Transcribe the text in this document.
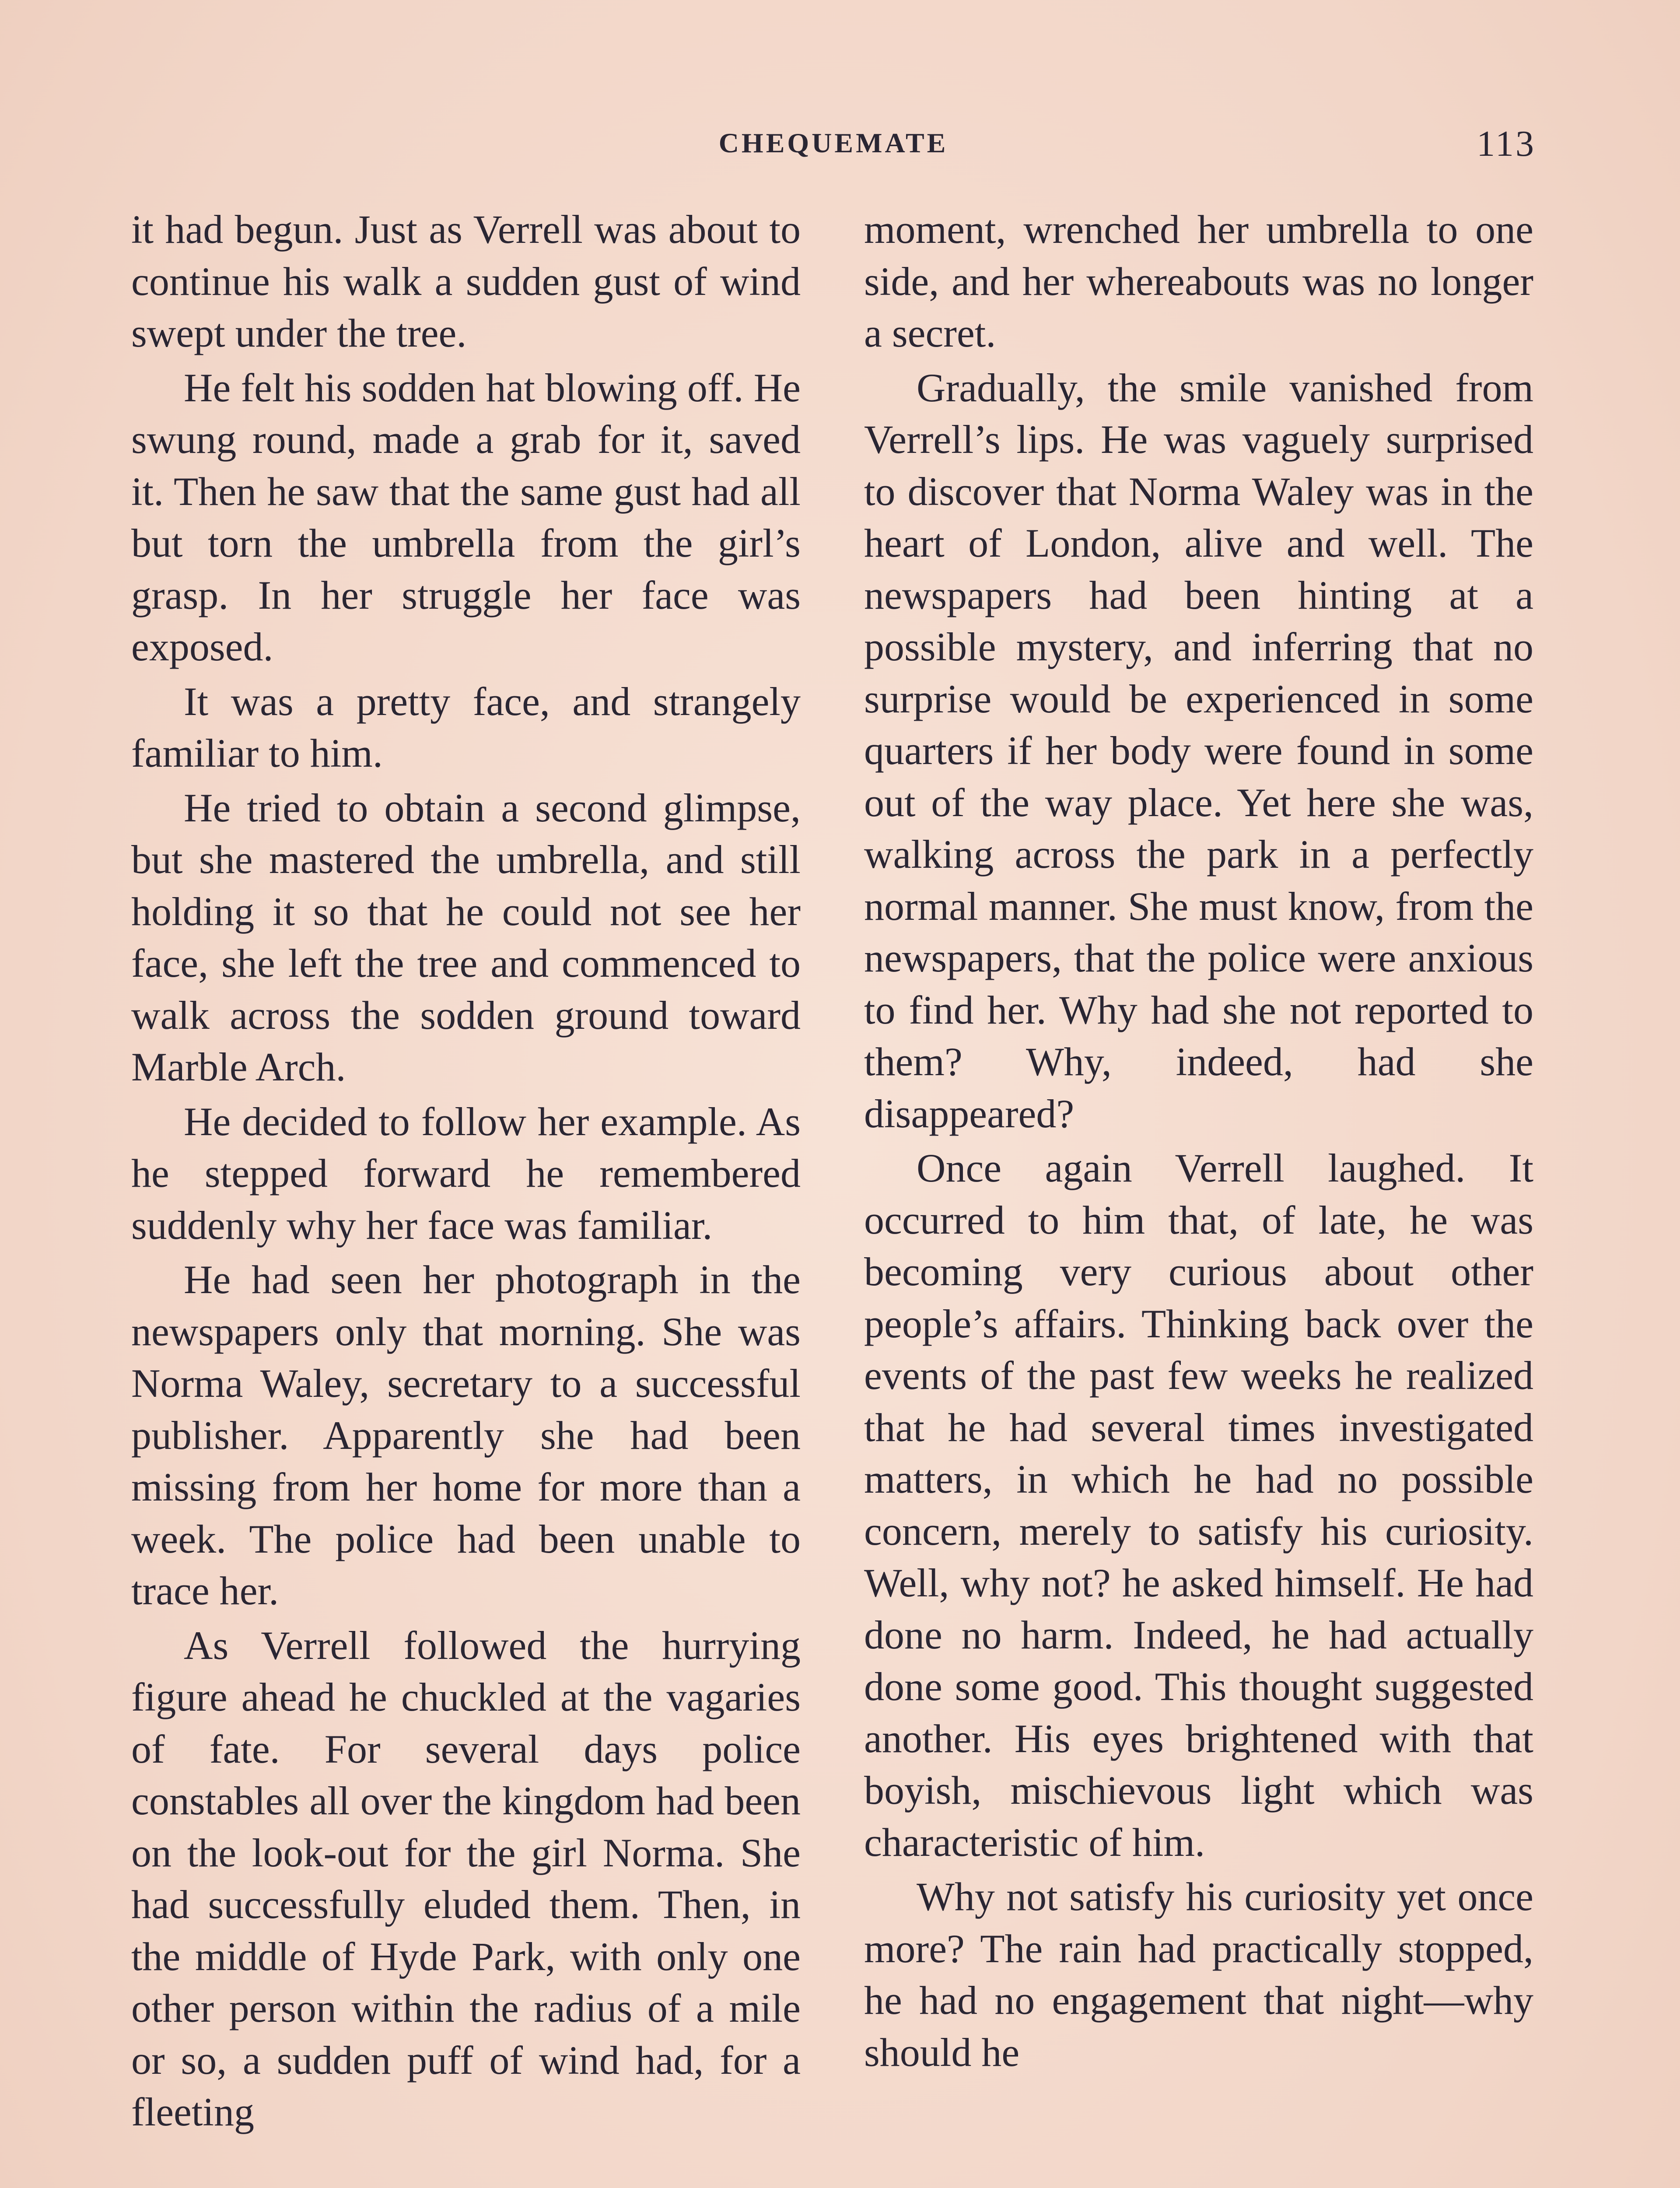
CHEQUEMATE	113

it had begun. Just as Verrell was about to continue his walk a sudden gust of wind swept under the tree.

He felt his sodden hat blowing off. He swung round, made a grab for it, saved it. Then he saw that the same gust had all but torn the umbrella from the girl’s grasp. In her struggle her face was exposed.

It was a pretty face, and strangely familiar to him.

He tried to obtain a second glimpse, but she mastered the umbrella, and still holding it so that he could not see her face, she left the tree and commenced to walk across the sodden ground toward Marble Arch.

He decided to follow her example. As he stepped forward he remembered suddenly why her face was familiar.

He had seen her photograph in the newspapers only that morning. She was Norma Waley, secretary to a successful publisher. Apparently she had been missing from her home for more than a week. The police had been unable to trace her.

As Verrell followed the hurrying figure ahead he chuckled at the vagaries of fate. For several days police constables all over the kingdom had been on the look-out for the girl Norma. She had successfully eluded them. Then, in the middle of Hyde Park, with only one other person within the radius of a mile or so, a sudden puff of wind had, for a fleeting

moment, wrenched her umbrella to one side, and her whereabouts was no longer a secret.

Gradually, the smile vanished from Verrell’s lips. He was vaguely surprised to discover that Norma Waley was in the heart of London, alive and well. The newspapers had been hinting at a possible mystery, and inferring that no surprise would be experienced in some quarters if her body were found in some out of the way place. Yet here she was, walking across the park in a perfectly normal manner. She must know, from the newspapers, that the police were anxious to find her. Why had she not reported to them? Why, indeed, had she disappeared?

Once again Verrell laughed. It occurred to him that, of late, he was becoming very curious about other people’s affairs. Thinking back over the events of the past few weeks he realized that he had several times investigated matters, in which he had no possible concern, merely to satisfy his curiosity. Well, why not? he asked himself. He had done no harm. Indeed, he had actually done some good. This thought suggested another. His eyes brightened with that boyish, mischievous light which was characteristic of him.

Why not satisfy his curiosity yet once more? The rain had practically stopped, he had no engagement that night—why should he
